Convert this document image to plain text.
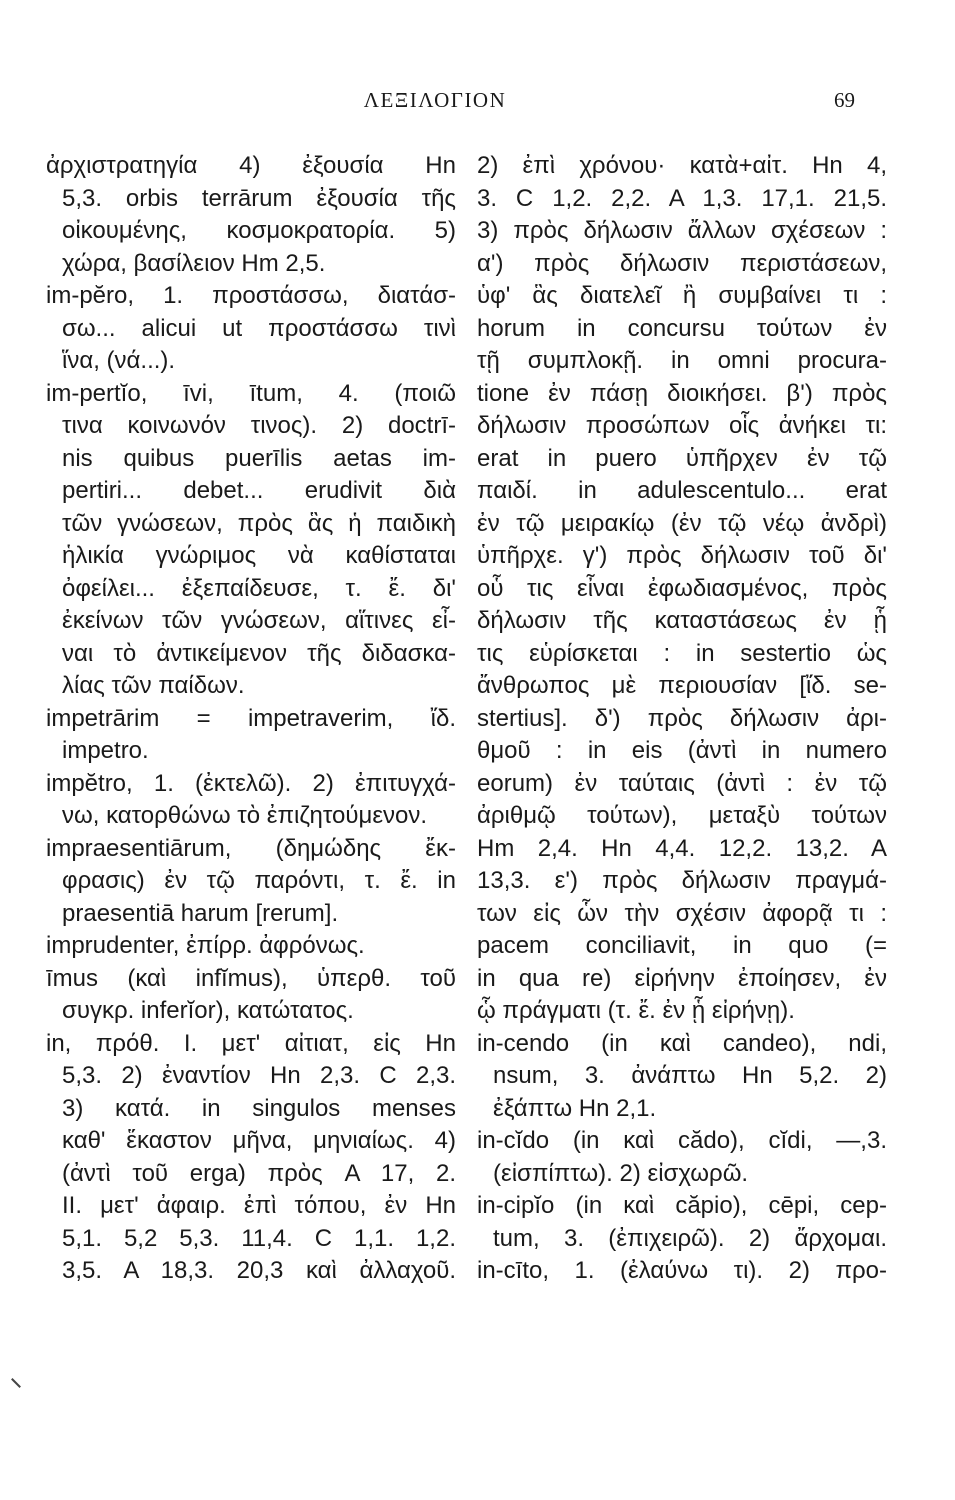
ΛΕΞΙΛΟΓΙΟΝ	69
ἀρχιστρατηγία 4) ἐξουσία Hn
5,3. orbis terrārum ἐξουσία τῆς
οἰκουμένης, κοσμοκρατορία. 5)
χώρα, βασίλειον Hm 2,5.
im-pĕro, 1. προστάσσω, διατάσ-
σω... alicui ut προστάσσω τινὶ
ἵνα, (νά...).
im-pertĭo, īvi, ītum, 4. (ποιῶ
τινα κοινωνόν τινος). 2) doctrī-
nis quibus puerīlis aetas im-
pertiri... debet... erudivit διὰ
τῶν γνώσεων, πρὸς ἃς ἡ παιδικὴ
ἡλικία γνώριμος νὰ καθίσταται
ὀφείλει... ἐξεπαίδευσε, τ. ἔ. δι'
ἐκείνων τῶν γνώσεων, αἵτινες εἶ-
ναι τὸ ἀντικείμενον τῆς διδασκα-
λίας τῶν παίδων.
impetrārim = impetraverim, ἴδ.
impetro.
impĕtro, 1. (ἐκτελῶ). 2) ἐπιτυγχά-
νω, κατορθώνω τὸ ἐπιζητούμενον.
impraesentiārum, (δημώδης ἔκ-
φρασις) ἐν τῷ παρόντι, τ. ἔ. in
praesentiā harum [rerum].
imprudenter, ἐπίρρ. ἀφρόνως.
īmus (καὶ infĭmus), ὑπερθ. τοῦ
συγκρ. inferĭor), κατώτατος.
in, πρόθ. I. μετ' αἰτιατ, εἰς Hn
5,3. 2) ἐναντίον Hn 2,3. C 2,3.
3) κατά. in singulos menses
καθ' ἕκαστον μῆνα, μηνιαίως. 4)
(ἀντὶ τοῦ erga) πρὸς A 17, 2.
II. μετ' ἀφαιρ. ἐπὶ τόπου, ἐν Hn
5,1. 5,2 5,3. 11,4. C 1,1. 1,2.
3,5. A 18,3. 20,3 καὶ ἀλλαχοῦ.
2) ἐπὶ χρόνου· κατὰ+αἰτ. Hn 4,
3. C 1,2. 2,2. A 1,3. 17,1. 21,5.
3) πρὸς δήλωσιν ἄλλων σχέσεων :
α') πρὸς δήλωσιν περιστάσεων,
ὑφ' ἃς διατελεῖ ἢ συμβαίνει τι :
horum in concursu τούτων ἐν
τῇ συμπλοκῇ. in omni procura-
tione ἐν πάσῃ διοικήσει. β') πρὸς
δήλωσιν προσώπων οἷς ἀνήκει τι:
erat in puero ὑπῆρχεν ἐν τῷ
παιδί. in adulescentulo... erat
ἐν τῷ μειρακίῳ (ἐν τῷ νέῳ ἀνδρὶ)
ὑπῆρχε. γ') πρὸς δήλωσιν τοῦ δι'
οὗ τις εἶναι ἐφωδιασμένος, πρὸς
δήλωσιν τῆς καταστάσεως ἐν ᾗ
τις εὑρίσκεται : in sestertio ὡς
ἄνθρωπος μὲ περιουσίαν [ἴδ. se-
stertius]. δ') πρὸς δήλωσιν ἀρι-
θμοῦ : in eis (ἀντὶ in numero
eorum) ἐν ταύταις (ἀντὶ : ἐν τῷ
ἀριθμῷ τούτων), μεταξὺ τούτων
Hm 2,4. Hn 4,4. 12,2. 13,2. A
13,3. ε') πρὸς δήλωσιν πραγμά-
των εἰς ὧν τὴν σχέσιν ἀφορᾷ τι :
pacem conciliavit, in quo (=
in qua re) εἰρήνην ἐποίησεν, ἐν
ᾧ πράγματι (τ. ἔ. ἐν ᾗ εἰρήνῃ).
in-cendo (in καὶ candeo), ndi,
nsum, 3. ἀνάπτω Hn 5,2. 2)
ἐξάπτω Hn 2,1.
in-cĭdo (in καὶ cădo), cĭdi, —,3.
(εἰσπίπτω). 2) εἰσχωρῶ.
in-cipĭo (in καὶ căpio), cēpi, cep-
tum, 3. (ἐπιχειρῶ). 2) ἄρχομαι.
in-cīto, 1. (ἐλαύνω τι). 2) προ-
